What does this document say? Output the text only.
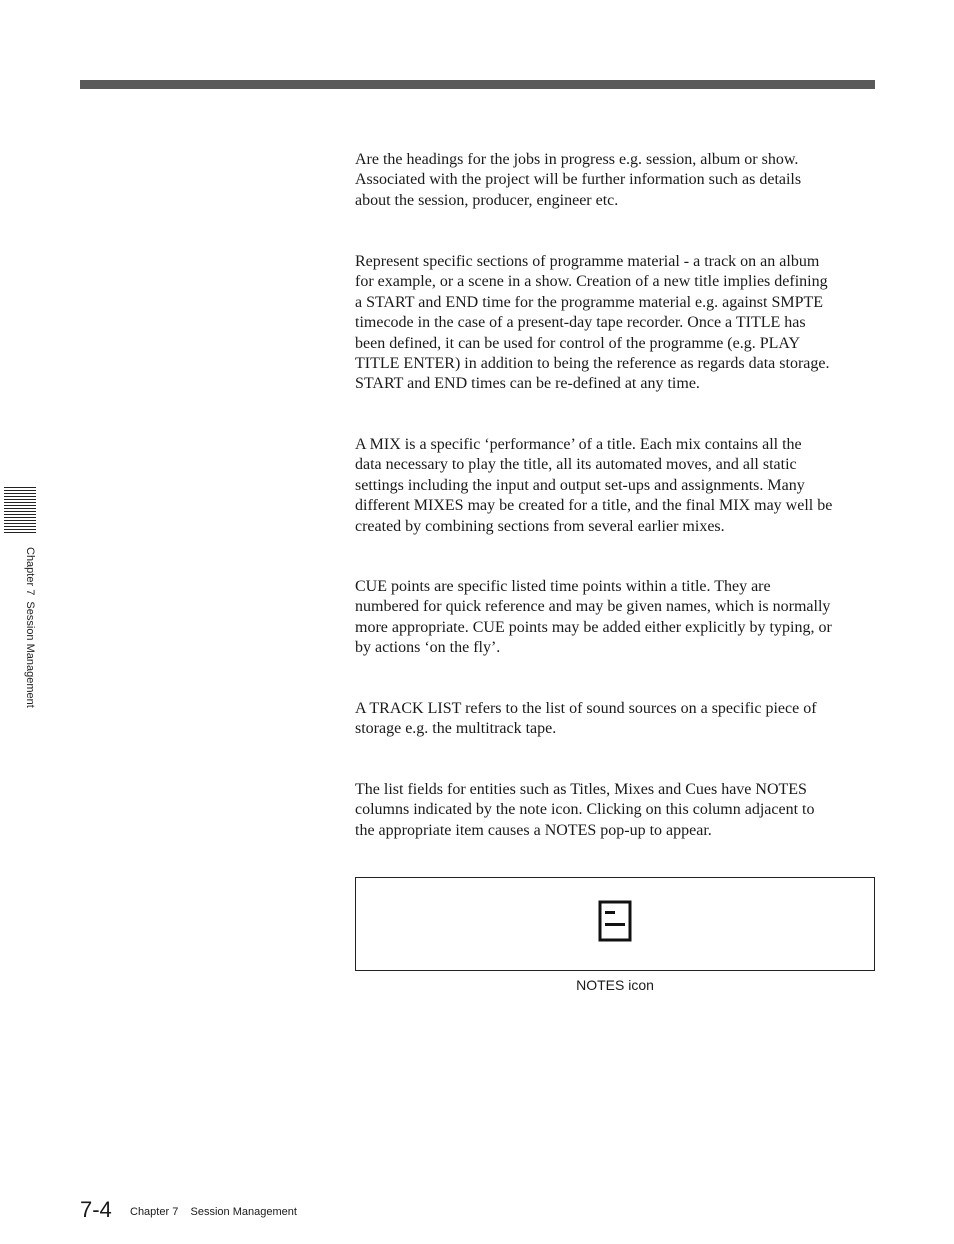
Are the headings for the jobs in progress e.g. session, album or show.
Associated with the project will be further information such as details
about the session, producer, engineer etc.

Represent specific sections of programme material - a track on an album
for example, or a scene in a show. Creation of a new title implies defining
a START and END time for the programme material e.g. against SMPTE
timecode in the case of a present-day tape recorder. Once a TITLE has
been defined, it can be used for control of the programme (e.g. PLAY
TITLE ENTER) in addition to being the reference as regards data storage.
START and END times can be re-defined at any time.

A MIX is a specific ‘performance’ of a title. Each mix contains all the
data necessary to play the title, all its automated moves, and all static
settings including the input and output set-ups and assignments. Many
different MIXES may be created for a title, and the final MIX may well be
created by combining sections from several earlier mixes.

CUE points are specific listed time points within a title. They are
numbered for quick reference and may be given names, which is normally
more appropriate. CUE points may be added either explicitly by typing, or
by actions ‘on the fly’.

A TRACK LIST refers to the list of sound sources on a specific piece of
storage e.g. the multitrack tape.

The list fields for entities such as Titles, Mixes and Cues have NOTES
columns indicated by the note icon. Clicking on this column adjacent to
the appropriate item causes a NOTES pop-up to appear.

NOTES icon
Chapter 7  Session Management
7-4 Chapter 7    Session Management
